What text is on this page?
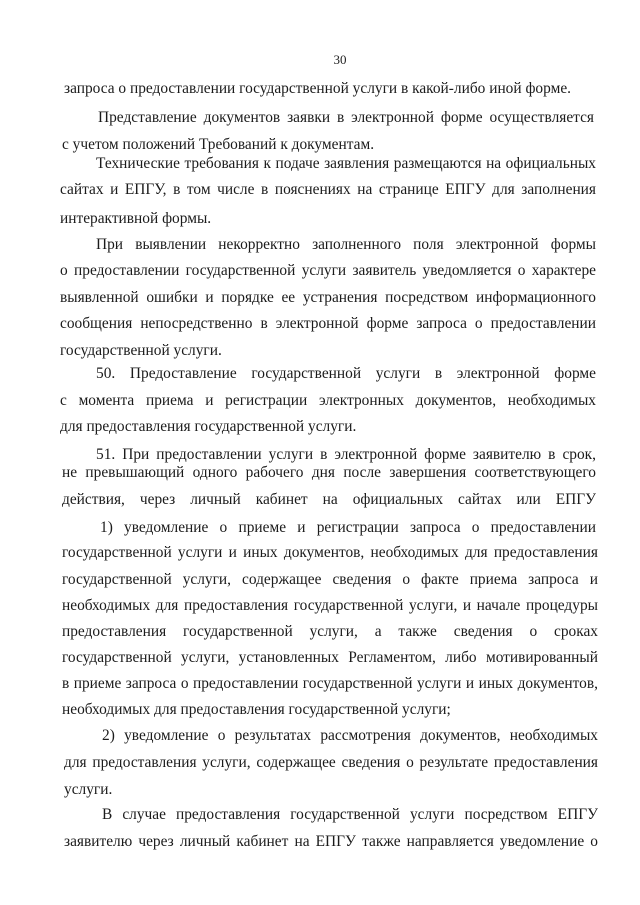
30
запроса о предоставлении государственной услуги в какой-либо иной форме.
Представление документов заявки в электронной форме осуществляется
с учетом положений Требований к документам.
Технические требования к подаче заявления размещаются на официальных
сайтах и ЕПГУ, в том числе в пояснениях на странице ЕПГУ для заполнения
интерактивной формы.
При выявлении некорректно заполненного поля электронной формы
о предоставлении государственной услуги заявитель уведомляется о характере
выявленной ошибки и порядке ее устранения посредством информационного
сообщения непосредственно в электронной форме запроса о предоставлении
государственной услуги.
50. Предоставление государственной услуги в электронной форме
с момента приема и регистрации электронных документов, необходимых
для предоставления государственной услуги.
51. При предоставлении услуги в электронной форме заявителю в срок,
не превышающий одного рабочего дня после завершения соответствующего
действия, через личный кабинет на официальных сайтах или ЕПГУ
1) уведомление о приеме и регистрации запроса о предоставлении
государственной услуги и иных документов, необходимых для предоставления
государственной услуги, содержащее сведения о факте приема запроса и
необходимых для предоставления государственной услуги, и начале процедуры
предоставления государственной услуги, а также сведения о сроках
государственной услуги, установленных Регламентом, либо мотивированный
в приеме запроса о предоставлении государственной услуги и иных документов,
необходимых для предоставления государственной услуги;
2) уведомление о результатах рассмотрения документов, необходимых
для предоставления услуги, содержащее сведения о результате предоставления
услуги.
В случае предоставления государственной услуги посредством ЕПГУ
заявителю через личный кабинет на ЕПГУ также направляется уведомление о
